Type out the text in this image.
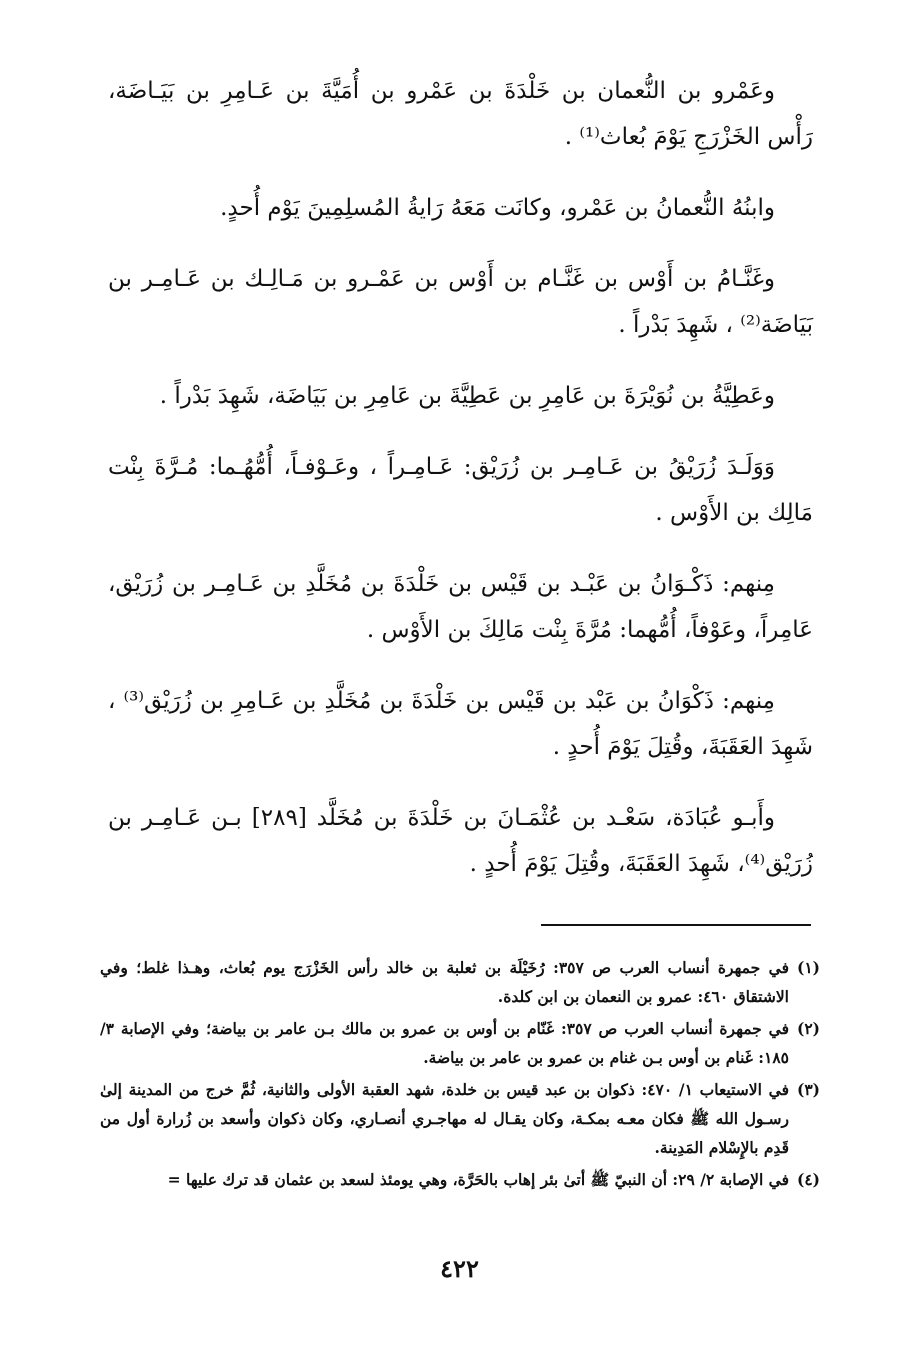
وعَمْرو بن النُّعمان بن خَلْدَةَ بن عَمْرو بن أُمَيَّةَ بن عَـامِرِ بن بَيَـاضَة، رَأْس الخَزْرَجِ يَوْمَ بُعاث⁽¹⁾ .

وابنُهُ النُّعمانُ بن عَمْرو، وكانَت مَعَهُ رَايةُ المُسلِمِينَ يَوْم أُحدٍ.

وغَنَّـامُ بن أَوْس بن غَنَّـام بن أَوْس بن عَمْـرو بن مَـالِـك بن عَـامِـر بن بَيَاضَة⁽²⁾ ، شَهِدَ بَدْراً .

وعَطِيَّةُ بن نُوَيْرَةَ بن عَامِرِ بن عَطِيَّةَ بن عَامِرِ بن بَيَاضَة، شَهِدَ بَدْراً .

وَوَلَـدَ زُرَيْقُ بن عَـامِـر بن زُرَيْق: عَـامِـراً ، وعَـوْفـاً، أُمُّهُـما: مُـرَّةَ بِنْت مَالِك بن الأَوْس .

مِنهم: ذَكْـوَانُ بن عَبْـد بن قَيْس بن خَلْدَةَ بن مُخَلَّدِ بن عَـامِـر بن زُرَيْق، عَامِراً، وعَوْفاً، أُمُّهما: مُرَّةَ بِنْت مَالِكَ بن الأَوْس .

مِنهم: ذَكْوَانُ بن عَبْد بن قَيْس بن خَلْدَةَ بن مُخَلَّدِ بن عَـامِرِ بن زُرَيْق⁽³⁾ ، شَهِدَ العَقَبَةَ، وقُتِلَ يَوْمَ أُحدٍ .

وأَبـو عُبَادَة، سَعْـد بن عُثْمَـانَ بن خَلْدَةَ بن مُخَلَّد [٢٨٩] بـن عَـامِـر بن زُرَيْق⁽⁴⁾، شَهِدَ العَقَبَةَ، وقُتِلَ يَوْمَ أُحدٍ .

(١)
في جمهرة أنساب العرب ص ٣٥٧: رُخَيْلَة بن ثعلبة بن خالد رأس الخَزْرَج يوم بُعاث، وهـذا غلط؛ وفي الاشتقاق ٤٦٠: عمرو بن النعمان بن ابن كلدة.
(٢)
في جمهرة أنساب العرب ص ٣٥٧: غَنّام بن أوس بن عمرو بن مالك بـن عامر بن بياضة؛ وفي الإصابة ٣/ ١٨٥: غَنام بن أوس بـن غنام بن عمرو بن عامر بن بياضة.
(٣)
في الاستيعاب ١/ ٤٧٠: ذكوان بن عبد قيس بن خلدة، شهد العقبة الأولى والثانية، ثُمَّ خرج من المدينة إلىٰ رسـول الله ﷺ فكان معـه بمكـة، وكان يقـال له مهاجـري أنصـاري، وكان ذكوان وأسعد بن زُرارة أول من قَدِم بالإِسْلام المَدِينة.
(٤)
في الإصابة ٢/ ٢٩: أن النبيّ ﷺ أتىٰ بئر إهاب بالحَرَّة، وهي يومئذ لسعد بن عثمان قد ترك عليها =
٤٢٢
